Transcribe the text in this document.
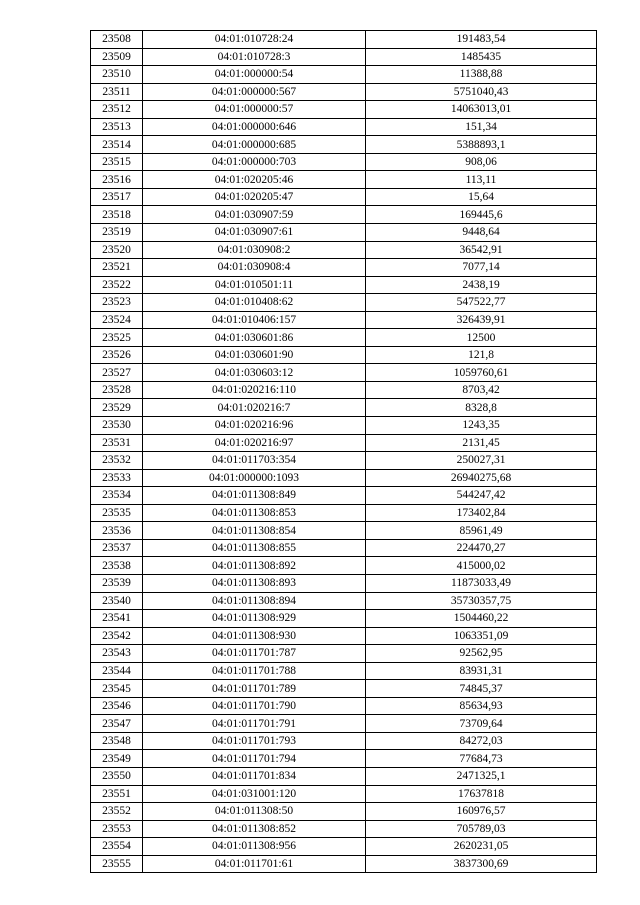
23508	04:01:010728:24	191483,54
23509	04:01:010728:3	1485435
23510	04:01:000000:54	11388,88
23511	04:01:000000:567	5751040,43
23512	04:01:000000:57	14063013,01
23513	04:01:000000:646	151,34
23514	04:01:000000:685	5388893,1
23515	04:01:000000:703	908,06
23516	04:01:020205:46	113,11
23517	04:01:020205:47	15,64
23518	04:01:030907:59	169445,6
23519	04:01:030907:61	9448,64
23520	04:01:030908:2	36542,91
23521	04:01:030908:4	7077,14
23522	04:01:010501:11	2438,19
23523	04:01:010408:62	547522,77
23524	04:01:010406:157	326439,91
23525	04:01:030601:86	12500
23526	04:01:030601:90	121,8
23527	04:01:030603:12	1059760,61
23528	04:01:020216:110	8703,42
23529	04:01:020216:7	8328,8
23530	04:01:020216:96	1243,35
23531	04:01:020216:97	2131,45
23532	04:01:011703:354	250027,31
23533	04:01:000000:1093	26940275,68
23534	04:01:011308:849	544247,42
23535	04:01:011308:853	173402,84
23536	04:01:011308:854	85961,49
23537	04:01:011308:855	224470,27
23538	04:01:011308:892	415000,02
23539	04:01:011308:893	11873033,49
23540	04:01:011308:894	35730357,75
23541	04:01:011308:929	1504460,22
23542	04:01:011308:930	1063351,09
23543	04:01:011701:787	92562,95
23544	04:01:011701:788	83931,31
23545	04:01:011701:789	74845,37
23546	04:01:011701:790	85634,93
23547	04:01:011701:791	73709,64
23548	04:01:011701:793	84272,03
23549	04:01:011701:794	77684,73
23550	04:01:011701:834	2471325,1
23551	04:01:031001:120	17637818
23552	04:01:011308:50	160976,57
23553	04:01:011308:852	705789,03
23554	04:01:011308:956	2620231,05
23555	04:01:011701:61	3837300,69
